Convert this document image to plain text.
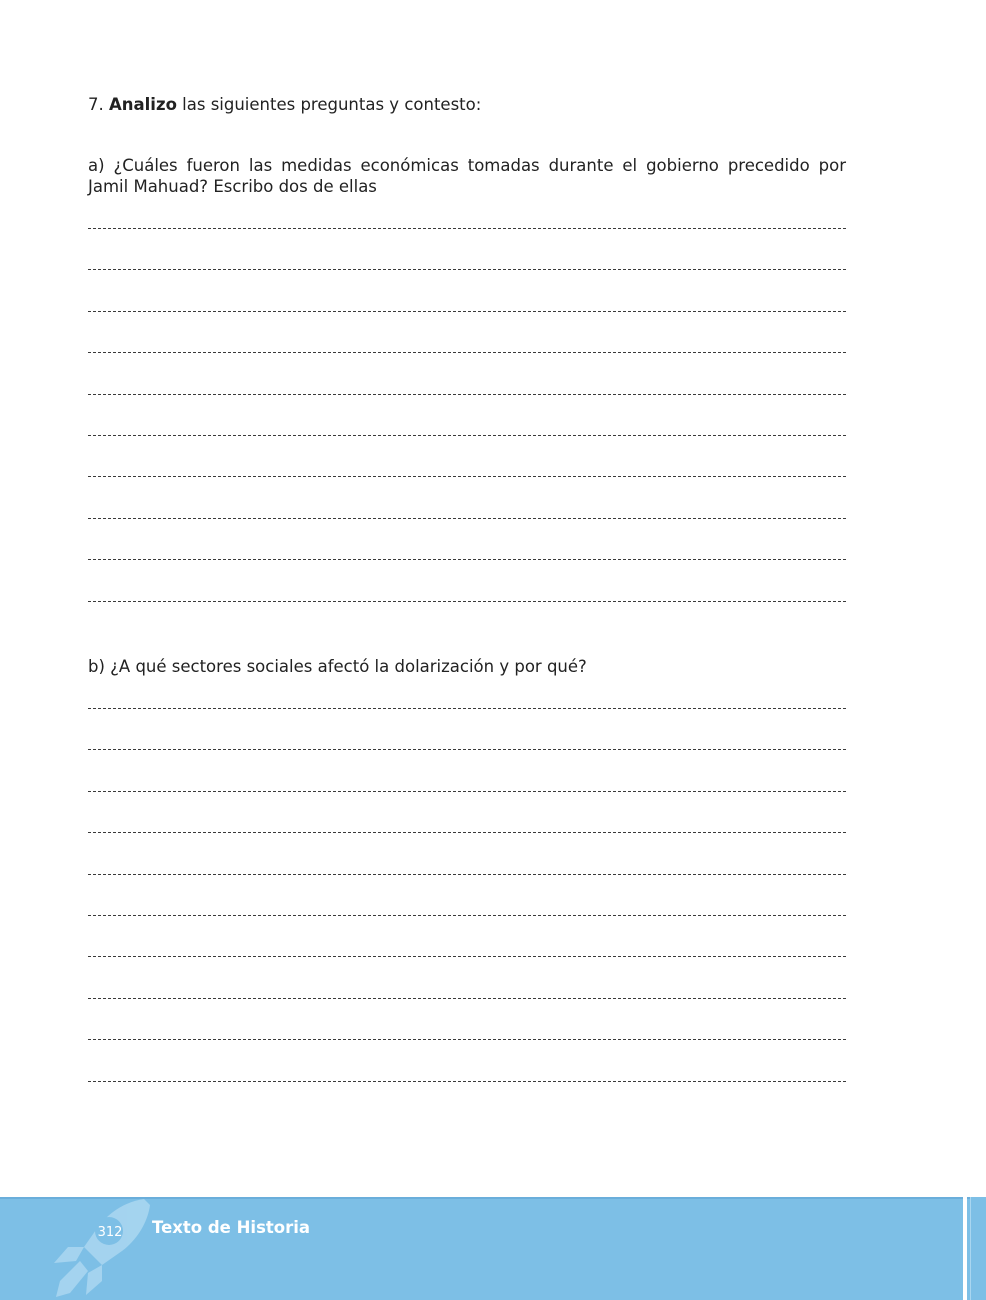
7. Analizo las siguientes preguntas y contesto:
a) ¿Cuáles fueron las medidas económicas tomadas durante el gobierno precedido por Jamil Mahuad? Escribo dos de ellas
b) ¿A qué sectores sociales afectó la dolarización y por qué?
312 Texto de Historia
